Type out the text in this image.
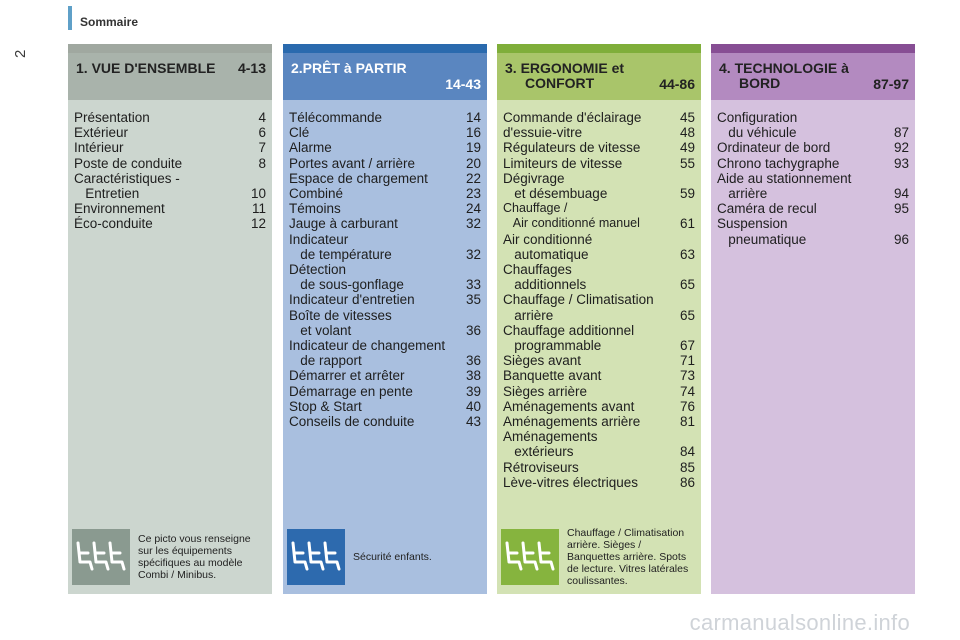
2
Sommaire
1. VUE D'ENSEMBLE 4-13
Présentation	4
Extérieur	6
Intérieur	7
Poste de conduite	8
Caractéristiques -
Entretien	10
Environnement	11
Éco-conduite	12
Ce picto vous renseigne sur les équipements spécifiques au modèle Combi / Minibus.
2.PRÊT à PARTIR
14-43
Télécommande	14
Clé	16
Alarme	19
Portes avant / arrière	20
Espace de chargement	22
Combiné	23
Témoins	24
Jauge à carburant	32
Indicateur
de température	32
Détection
de sous-gonflage	33
Indicateur d'entretien	35
Boîte de vitesses
et volant	36
Indicateur de changement
de rapport	36
Démarrer et arrêter	38
Démarrage en pente	39
Stop & Start	40
Conseils de conduite	43
Sécurité enfants.
3. ERGONOMIE et
CONFORT	44-86
Commande d'éclairage	45
d'essuie-vitre	48
Régulateurs de vitesse	49
Limiteurs de vitesse	55
Dégivrage
et désembuage	59
Chauffage /
Air conditionné manuel	61
Air conditionné
automatique	63
Chauffages
additionnels	65
Chauffage / Climatisation
arrière	65
Chauffage additionnel
programmable	67
Sièges avant	71
Banquette avant	73
Sièges arrière	74
Aménagements avant	76
Aménagements arrière	81
Aménagements
extérieurs	84
Rétroviseurs	85
Lève-vitres électriques	86
Chauffage / Climatisation arrière. Sièges / Banquettes arrière. Spots de lecture. Vitres latérales coulissantes.
4. TECHNOLOGIE à
BORD	87-97
Configuration
du véhicule	87
Ordinateur de bord	92
Chrono tachygraphe	93
Aide au stationnement
arrière	94
Caméra de recul	95
Suspension
pneumatique	96
carmanualsonline.info
